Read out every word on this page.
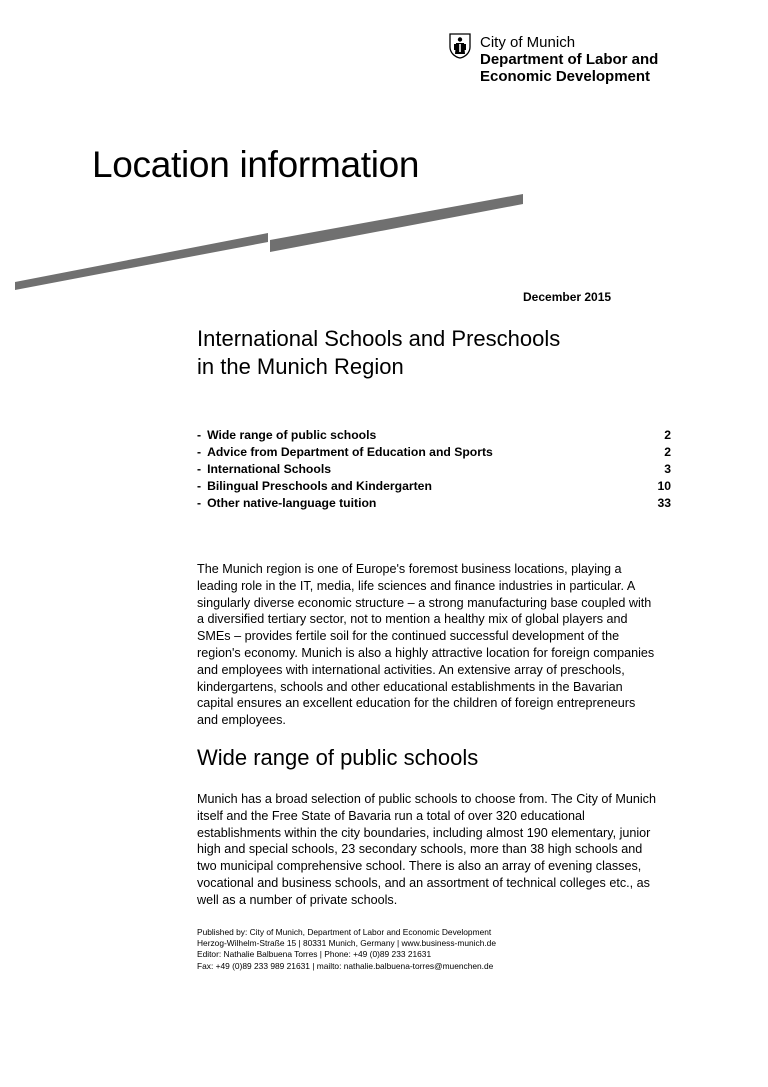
City of Munich
Department of Labor and
Economic Development
Location information
December 2015
International Schools and Preschools
in the Munich Region
- Wide range of public schools	2
- Advice from Department of Education and Sports	2
- International Schools	3
- Bilingual Preschools and Kindergarten	10
- Other native-language tuition	33
The Munich region is one of Europe's foremost business locations, playing a
leading role in the IT, media, life sciences and finance industries in particular. A
singularly diverse economic structure – a strong manufacturing base coupled with
a diversified tertiary sector, not to mention a healthy mix of global players and
SMEs – provides fertile soil for the continued successful development of the
region's economy. Munich is also a highly attractive location for foreign companies
and employees with international activities. An extensive array of preschools,
kindergartens, schools and other educational establishments in the Bavarian
capital ensures an excellent education for the children of foreign entrepreneurs
and employees.
Wide range of public schools
Munich has a broad selection of public schools to choose from. The City of Munich
itself and the Free State of Bavaria run a total of over 320 educational
establishments within the city boundaries, including almost 190 elementary, junior
high and special schools, 23 secondary schools, more than 38 high schools and
two municipal comprehensive school. There is also an array of evening classes,
vocational and business schools, and an assortment of technical colleges etc., as
well as a number of private schools.
Published by: City of Munich, Department of Labor and Economic Development
Herzog-Wilhelm-Straße 15 | 80331 Munich, Germany | www.business-munich.de
Editor: Nathalie Balbuena Torres | Phone: +49 (0)89 233 21631
Fax: +49 (0)89 233 989 21631 | mailto: nathalie.balbuena-torres@muenchen.de
